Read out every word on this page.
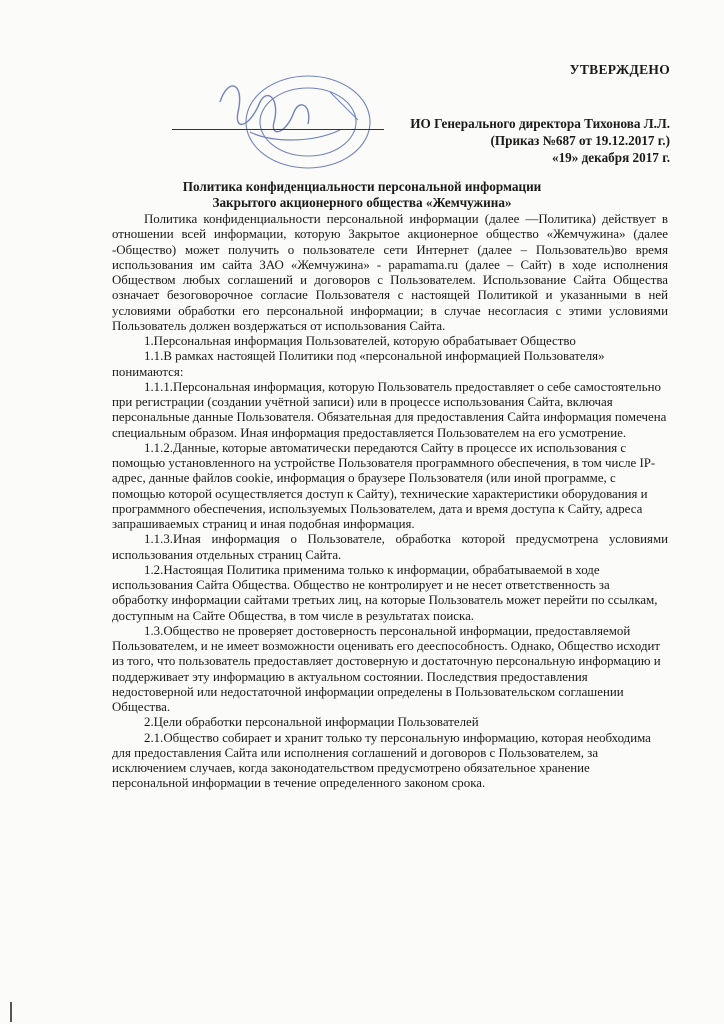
УТВЕРЖДЕНО
ИО Генерального директора Тихонова Л.Л.
(Приказ №687 от 19.12.2017 г.)
«19» декабря 2017 г.
Политика конфиденциальности персональной информации
Закрытого акционерного общества «Жемчужина»

Политика конфиденциальности персональной информации (далее —Политика) действует в отношении всей информации, которую Закрытое акционерное общество «Жемчужина» (далее -Общество) может получить о пользователе сети Интернет (далее – Пользователь)во время использования им сайта ЗАО «Жемчужина» - papamama.ru (далее – Сайт) в ходе исполнения Обществом любых соглашений и договоров с Пользователем. Использование Сайта Общества означает безоговорочное согласие Пользователя с настоящей Политикой и указанными в ней условиями обработки его персональной информации; в случае несогласия с этими условиями Пользователь должен воздержаться от использования Сайта.

1.Персональная информация Пользователей, которую обрабатывает Общество

1.1.В рамках настоящей Политики под «персональной информацией Пользователя» понимаются:

1.1.1.Персональная информация, которую Пользователь предоставляет о себе самостоятельно при регистрации (создании учётной записи) или в процессе использования Сайта, включая персональные данные Пользователя. Обязательная для предоставления Сайта информация помечена специальным образом. Иная информация предоставляется Пользователем на его усмотрение.

1.1.2.Данные, которые автоматически передаются Сайту в процессе их использования с помощью установленного на устройстве Пользователя программного обеспечения, в том числе IP-адрес, данные файлов cookie, информация о браузере Пользователя (или иной программе, с помощью которой осуществляется доступ к Сайту), технические характеристики оборудования и программного обеспечения, используемых Пользователем, дата и время доступа к Сайту, адреса запрашиваемых страниц и иная подобная информация.

1.1.3.Иная информация о Пользователе, обработка которой предусмотрена условиями использования отдельных страниц Сайта.

1.2.Настоящая Политика применима только к информации, обрабатываемой в ходе использования Сайта Общества. Общество не контролирует и не несет ответственность за обработку информации сайтами третьих лиц, на которые Пользователь может перейти по ссылкам, доступным на Сайте Общества, в том числе в результатах поиска.

1.3.Общество не проверяет достоверность персональной информации, предоставляемой Пользователем, и не имеет возможности оценивать его дееспособность. Однако, Общество исходит из того, что пользователь предоставляет достоверную и достаточную персональную информацию и поддерживает эту информацию в актуальном состоянии. Последствия предоставления недостоверной или недостаточной информации определены в Пользовательском соглашении Общества.

2.Цели обработки персональной информации Пользователей

2.1.Общество собирает и хранит только ту персональную информацию, которая необходима для предоставления Сайта или исполнения соглашений и договоров с Пользователем, за исключением случаев, когда законодательством предусмотрено обязательное хранение персональной информации в течение определенного законом срока.
